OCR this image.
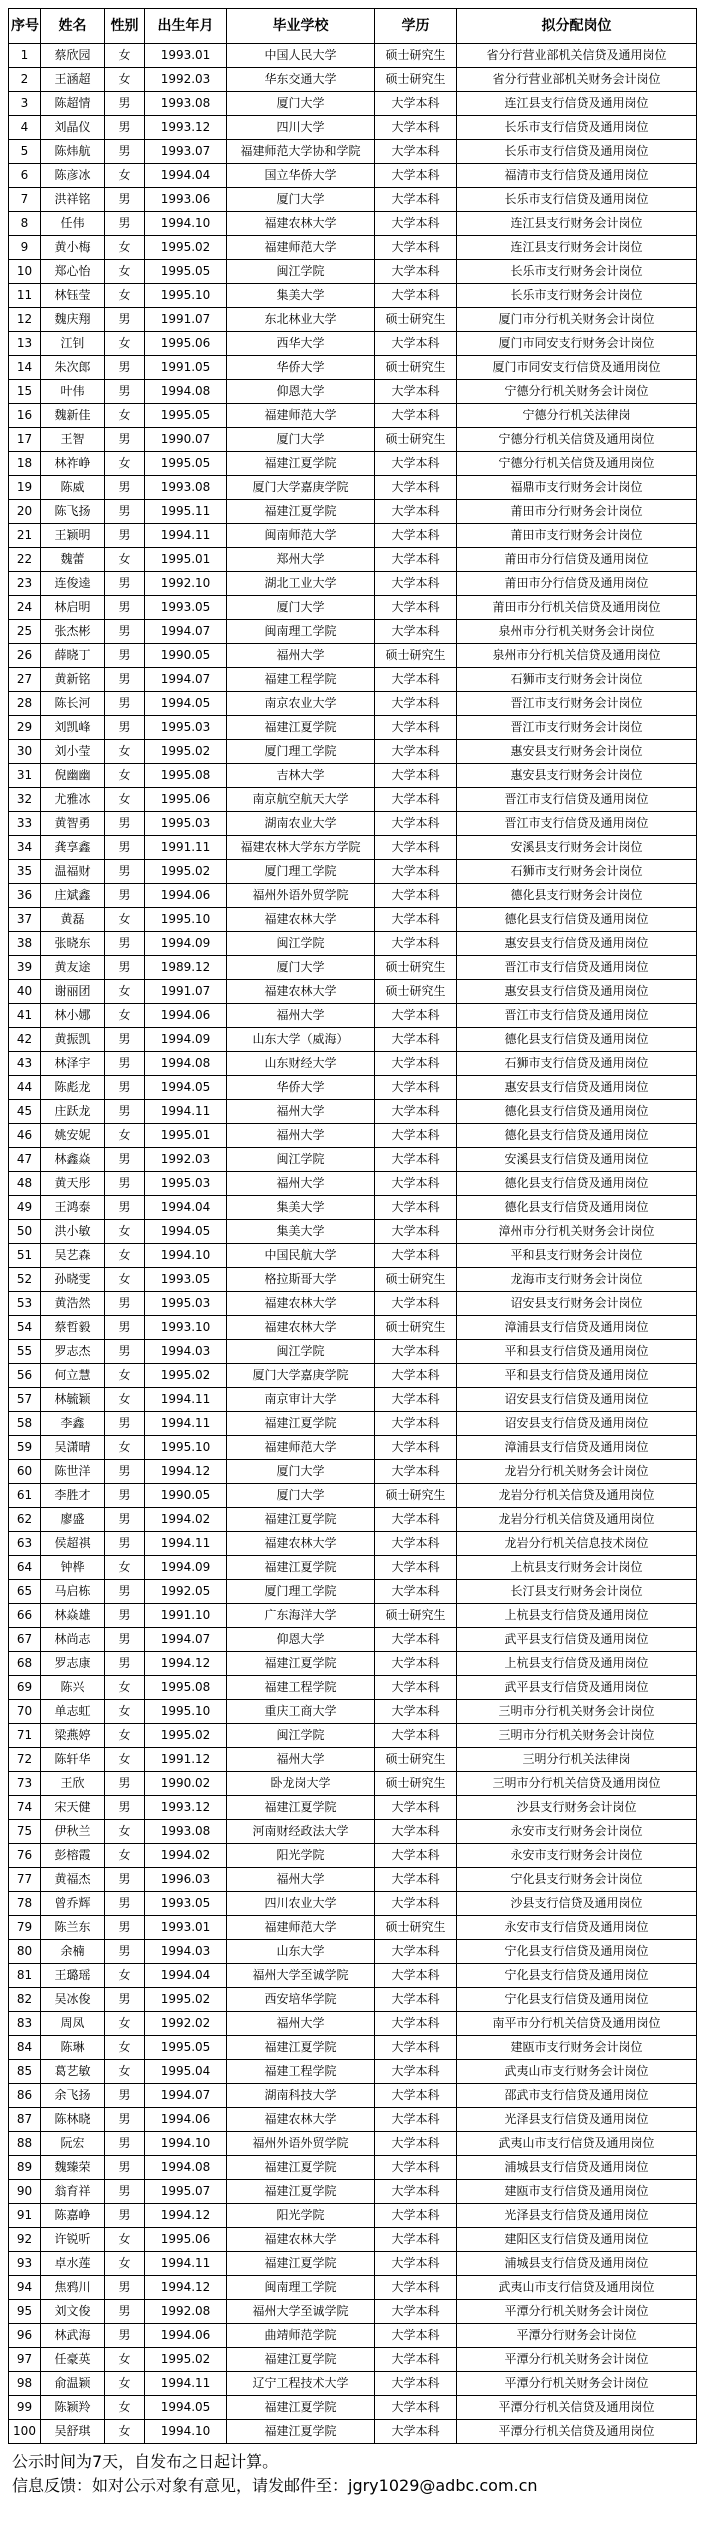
序号	姓名	性别	出生年月	毕业学校	学历	拟分配岗位
1	蔡欣园	女	1993.01	中国人民大学	硕士研究生	省分行营业部机关信贷及通用岗位
2	王涵超	女	1992.03	华东交通大学	硕士研究生	省分行营业部机关财务会计岗位
3	陈超情	男	1993.08	厦门大学	大学本科	连江县支行信贷及通用岗位
4	刘晶仪	男	1993.12	四川大学	大学本科	长乐市支行信贷及通用岗位
5	陈炜航	男	1993.07	福建师范大学协和学院	大学本科	长乐市支行信贷及通用岗位
6	陈彦冰	女	1994.04	国立华侨大学	大学本科	福清市支行信贷及通用岗位
7	洪祥铭	男	1993.06	厦门大学	大学本科	长乐市支行信贷及通用岗位
8	任伟	男	1994.10	福建农林大学	大学本科	连江县支行财务会计岗位
9	黄小梅	女	1995.02	福建师范大学	大学本科	连江县支行财务会计岗位
10	郑心怡	女	1995.05	闽江学院	大学本科	长乐市支行财务会计岗位
11	林钰莹	女	1995.10	集美大学	大学本科	长乐市支行财务会计岗位
12	魏庆翔	男	1991.07	东北林业大学	硕士研究生	厦门市分行机关财务会计岗位
13	江钊	女	1995.06	西华大学	大学本科	厦门市同安支行财务会计岗位
14	朱次郎	男	1991.05	华侨大学	硕士研究生	厦门市同安支行信贷及通用岗位
15	叶伟	男	1994.08	仰恩大学	大学本科	宁德分行机关财务会计岗位
16	魏新佳	女	1995.05	福建师范大学	大学本科	宁德分行机关法律岗
17	王智	男	1990.07	厦门大学	硕士研究生	宁德分行机关信贷及通用岗位
18	林祚峥	女	1995.05	福建江夏学院	大学本科	宁德分行机关信贷及通用岗位
19	陈威	男	1993.08	厦门大学嘉庚学院	大学本科	福鼎市支行财务会计岗位
20	陈飞扬	男	1995.11	福建江夏学院	大学本科	莆田市分行财务会计岗位
21	王颖明	男	1994.11	闽南师范大学	大学本科	莆田市支行财务会计岗位
22	魏蕾	女	1995.01	郑州大学	大学本科	莆田市分行信贷及通用岗位
23	连俊逵	男	1992.10	湖北工业大学	大学本科	莆田市分行信贷及通用岗位
24	林启明	男	1993.05	厦门大学	大学本科	莆田市分行机关信贷及通用岗位
25	张杰彬	男	1994.07	闽南理工学院	大学本科	泉州市分行机关财务会计岗位
26	薛晓丁	男	1990.05	福州大学	硕士研究生	泉州市分行机关信贷及通用岗位
27	黄新铭	男	1994.07	福建工程学院	大学本科	石狮市支行财务会计岗位
28	陈长河	男	1994.05	南京农业大学	大学本科	晋江市支行财务会计岗位
29	刘凯峰	男	1995.03	福建江夏学院	大学本科	晋江市支行财务会计岗位
30	刘小莹	女	1995.02	厦门理工学院	大学本科	惠安县支行财务会计岗位
31	倪幽幽	女	1995.08	吉林大学	大学本科	惠安县支行财务会计岗位
32	尤雅冰	女	1995.06	南京航空航天大学	大学本科	晋江市支行信贷及通用岗位
33	黄智勇	男	1995.03	湖南农业大学	大学本科	晋江市支行信贷及通用岗位
34	龚享鑫	男	1991.11	福建农林大学东方学院	大学本科	安溪县支行财务会计岗位
35	温福财	男	1995.02	厦门理工学院	大学本科	石狮市支行财务会计岗位
36	庄斌鑫	男	1994.06	福州外语外贸学院	大学本科	德化县支行财务会计岗位
37	黄磊	女	1995.10	福建农林大学	大学本科	德化县支行信贷及通用岗位
38	张晓东	男	1994.09	闽江学院	大学本科	惠安县支行信贷及通用岗位
39	黄友途	男	1989.12	厦门大学	硕士研究生	晋江市支行信贷及通用岗位
40	谢丽团	女	1991.07	福建农林大学	硕士研究生	惠安县支行信贷及通用岗位
41	林小娜	女	1994.06	福州大学	大学本科	晋江市支行信贷及通用岗位
42	黄振凯	男	1994.09	山东大学（威海）	大学本科	德化县支行信贷及通用岗位
43	林泽宇	男	1994.08	山东财经大学	大学本科	石狮市支行信贷及通用岗位
44	陈彪龙	男	1994.05	华侨大学	大学本科	惠安县支行信贷及通用岗位
45	庄跃龙	男	1994.11	福州大学	大学本科	德化县支行信贷及通用岗位
46	姚安妮	女	1995.01	福州大学	大学本科	德化县支行信贷及通用岗位
47	林鑫焱	男	1992.03	闽江学院	大学本科	安溪县支行信贷及通用岗位
48	黄天彤	男	1995.03	福州大学	大学本科	德化县支行信贷及通用岗位
49	王鸿泰	男	1994.04	集美大学	大学本科	德化县支行信贷及通用岗位
50	洪小敏	女	1994.05	集美大学	大学本科	漳州市分行机关财务会计岗位
51	吴艺森	女	1994.10	中国民航大学	大学本科	平和县支行财务会计岗位
52	孙晓雯	女	1993.05	格拉斯哥大学	硕士研究生	龙海市支行财务会计岗位
53	黄浩然	男	1995.03	福建农林大学	大学本科	诏安县支行财务会计岗位
54	蔡哲毅	男	1993.10	福建农林大学	硕士研究生	漳浦县支行信贷及通用岗位
55	罗志杰	男	1994.03	闽江学院	大学本科	平和县支行信贷及通用岗位
56	何立慧	女	1995.02	厦门大学嘉庚学院	大学本科	平和县支行信贷及通用岗位
57	林毓颖	女	1994.11	南京审计大学	大学本科	诏安县支行信贷及通用岗位
58	李鑫	男	1994.11	福建江夏学院	大学本科	诏安县支行信贷及通用岗位
59	吴潇晴	女	1995.10	福建师范大学	大学本科	漳浦县支行信贷及通用岗位
60	陈世洋	男	1994.12	厦门大学	大学本科	龙岩分行机关财务会计岗位
61	李胜才	男	1990.05	厦门大学	硕士研究生	龙岩分行机关信贷及通用岗位
62	廖盛	男	1994.02	福建江夏学院	大学本科	龙岩分行机关信贷及通用岗位
63	侯超祺	男	1994.11	福建农林大学	大学本科	龙岩分行机关信息技术岗位
64	钟桦	女	1994.09	福建江夏学院	大学本科	上杭县支行财务会计岗位
65	马启栋	男	1992.05	厦门理工学院	大学本科	长汀县支行财务会计岗位
66	林焱雄	男	1991.10	广东海洋大学	硕士研究生	上杭县支行信贷及通用岗位
67	林尚志	男	1994.07	仰恩大学	大学本科	武平县支行信贷及通用岗位
68	罗志康	男	1994.12	福建江夏学院	大学本科	上杭县支行信贷及通用岗位
69	陈兴	女	1995.08	福建工程学院	大学本科	武平县支行信贷及通用岗位
70	单志虹	女	1995.10	重庆工商大学	大学本科	三明市分行机关财务会计岗位
71	梁燕婷	女	1995.02	闽江学院	大学本科	三明市分行机关财务会计岗位
72	陈轩华	女	1991.12	福州大学	硕士研究生	三明分行机关法律岗
73	王欣	男	1990.02	卧龙岗大学	硕士研究生	三明市分行机关信贷及通用岗位
74	宋天健	男	1993.12	福建江夏学院	大学本科	沙县支行财务会计岗位
75	伊秋兰	女	1993.08	河南财经政法大学	大学本科	永安市支行财务会计岗位
76	彭榕霞	女	1994.02	阳光学院	大学本科	永安市支行财务会计岗位
77	黄福杰	男	1996.03	福州大学	大学本科	宁化县支行财务会计岗位
78	曾乔辉	男	1993.05	四川农业大学	大学本科	沙县支行信贷及通用岗位
79	陈兰东	男	1993.01	福建师范大学	硕士研究生	永安市支行信贷及通用岗位
80	余楠	男	1994.03	山东大学	大学本科	宁化县支行信贷及通用岗位
81	王璐瑶	女	1994.04	福州大学至诚学院	大学本科	宁化县支行信贷及通用岗位
82	吴冰俊	男	1995.02	西安培华学院	大学本科	宁化县支行信贷及通用岗位
83	周凤	女	1992.02	福州大学	大学本科	南平市分行机关信贷及通用岗位
84	陈琳	女	1995.05	福建江夏学院	大学本科	建瓯市支行财务会计岗位
85	葛艺敏	女	1995.04	福建工程学院	大学本科	武夷山市支行财务会计岗位
86	余飞扬	男	1994.07	湖南科技大学	大学本科	邵武市支行信贷及通用岗位
87	陈林晓	男	1994.06	福建农林大学	大学本科	光泽县支行信贷及通用岗位
88	阮宏	男	1994.10	福州外语外贸学院	大学本科	武夷山市支行信贷及通用岗位
89	魏臻荣	男	1994.08	福建江夏学院	大学本科	浦城县支行信贷及通用岗位
90	翁育祥	男	1995.07	福建江夏学院	大学本科	建瓯市支行信贷及通用岗位
91	陈嘉峥	男	1994.12	阳光学院	大学本科	光泽县支行信贷及通用岗位
92	许锐听	女	1995.06	福建农林大学	大学本科	建阳区支行信贷及通用岗位
93	卓水莲	女	1994.11	福建江夏学院	大学本科	浦城县支行信贷及通用岗位
94	焦鸦川	男	1994.12	闽南理工学院	大学本科	武夷山市支行信贷及通用岗位
95	刘文俊	男	1992.08	福州大学至诚学院	大学本科	平潭分行机关财务会计岗位
96	林武海	男	1994.06	曲靖师范学院	大学本科	平潭分行财务会计岗位
97	任豪英	女	1995.02	福建江夏学院	大学本科	平潭分行机关财务会计岗位
98	俞温颖	女	1994.11	辽宁工程技术大学	大学本科	平潭分行机关财务会计岗位
99	陈颖羚	女	1994.05	福建江夏学院	大学本科	平潭分行机关信贷及通用岗位
100	吴舒琪	女	1994.10	福建江夏学院	大学本科	平潭分行机关信贷及通用岗位
公示时间为7天，自发布之日起计算。
信息反馈：如对公示对象有意见，请发邮件至：jgry1029@adbc.com.cn
